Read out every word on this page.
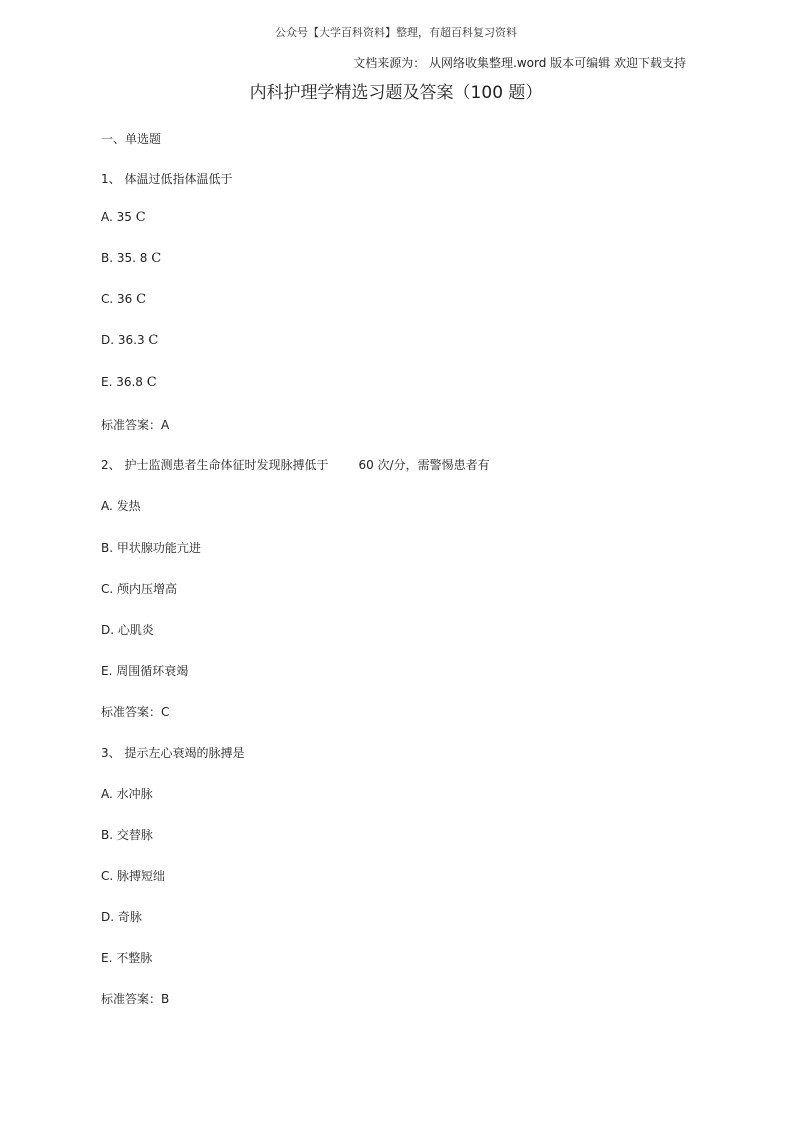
公众号【大学百科资料】整理，有超百科复习资料
文档来源为： 从网络收集整理.word 版本可编辑 欢迎下载支持
内科护理学精选习题及答案（100 题）
一、单选题
1、 体温过低指体温低于
A. 35 C
B. 35. 8 C
C. 36 C
D. 36.3 C
E. 36.8 C
标准答案：A
2、 护士监测患者生命体征时发现脉搏低于	60 次/分，需警惕患者有
A. 发热
B. 甲状腺功能亢进
C. 颅内压增高
D. 心肌炎
E. 周围循环衰竭
标准答案：C
3、 提示左心衰竭的脉搏是
A. 水冲脉
B. 交替脉
C. 脉搏短绌
D. 奇脉
E. 不整脉
标准答案：B
